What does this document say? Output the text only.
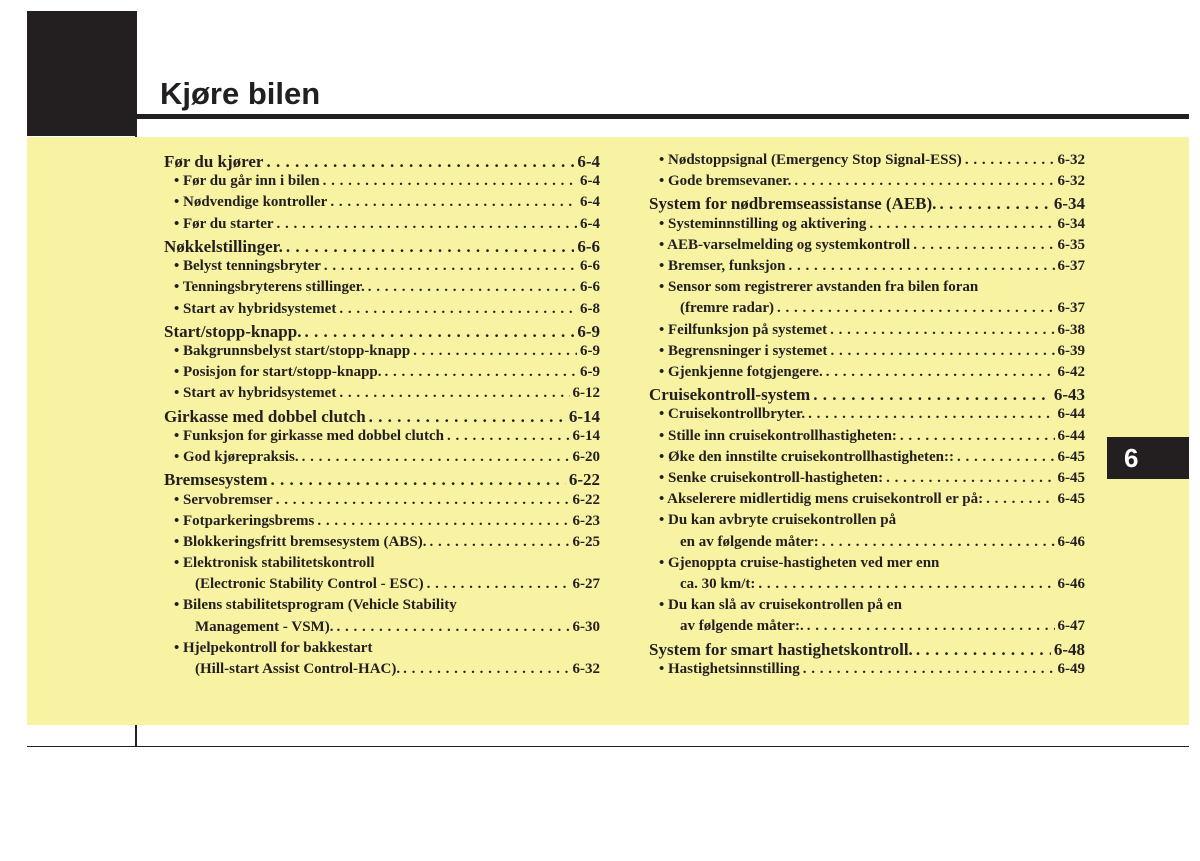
Kjøre bilen
6
Før du kjører . . .	6-4
• Før du går inn i bilen . . .	6-4
• Nødvendige kontroller . . .	6-4
• Før du starter . . .	6-4
Nøkkelstillinger. . . .	6-6
• Belyst tenningsbryter . . .	6-6
• Tenningsbryterens stillinger. . . .	6-6
• Start av hybridsystemet . . .	6-8
Start/stopp-knapp. . . .	6-9
• Bakgrunnsbelyst start/stopp-knapp . . .	6-9
• Posisjon for start/stopp-knapp. . . .	6-9
• Start av hybridsystemet . . .	6-12
Girkasse med dobbel clutch . . .	6-14
• Funksjon for girkasse med dobbel clutch . . .	6-14
• God kjørepraksis. . . .	6-20
Bremsesystem . . .	6-22
• Servobremser . . .	6-22
• Fotparkeringsbrems . . .	6-23
• Blokkeringsfritt bremsesystem (ABS). . . .	6-25
• Elektronisk stabilitetskontroll
(Electronic Stability Control - ESC) . . .	6-27
• Bilens stabilitetsprogram (Vehicle Stability
Management - VSM). . . .	6-30
• Hjelpekontroll for bakkestart
(Hill-start Assist Control-HAC). . . .	6-32
• Nødstoppsignal (Emergency Stop Signal-ESS) . . .	6-32
• Gode bremsevaner. . . .	6-32
System for nødbremseassistanse (AEB). . . .	6-34
• Systeminnstilling og aktivering . . .	6-34
• AEB-varselmelding og systemkontroll . . .	6-35
• Bremser, funksjon . . .	6-37
• Sensor som registrerer avstanden fra bilen foran
(fremre radar) . . .	6-37
• Feilfunksjon på systemet . . .	6-38
• Begrensninger i systemet . . .	6-39
• Gjenkjenne fotgjengere. . . .	6-42
Cruisekontroll-system . . .	6-43
• Cruisekontrollbryter. . . .	6-44
• Stille inn cruisekontrollhastigheten: . . .	6-44
• Øke den innstilte cruisekontrollhastigheten:: . . .	6-45
• Senke cruisekontroll-hastigheten: . . .	6-45
• Akselerere midlertidig mens cruisekontroll er på: . . .	6-45
• Du kan avbryte cruisekontrollen på
en av følgende måter: . . .	6-46
• Gjenoppta cruise-hastigheten ved mer enn
ca. 30 km/t: . . .	6-46
• Du kan slå av cruisekontrollen på en
av følgende måter:. . . .	6-47
System for smart hastighetskontroll. . . .	6-48
• Hastighetsinnstilling . . .	6-49
